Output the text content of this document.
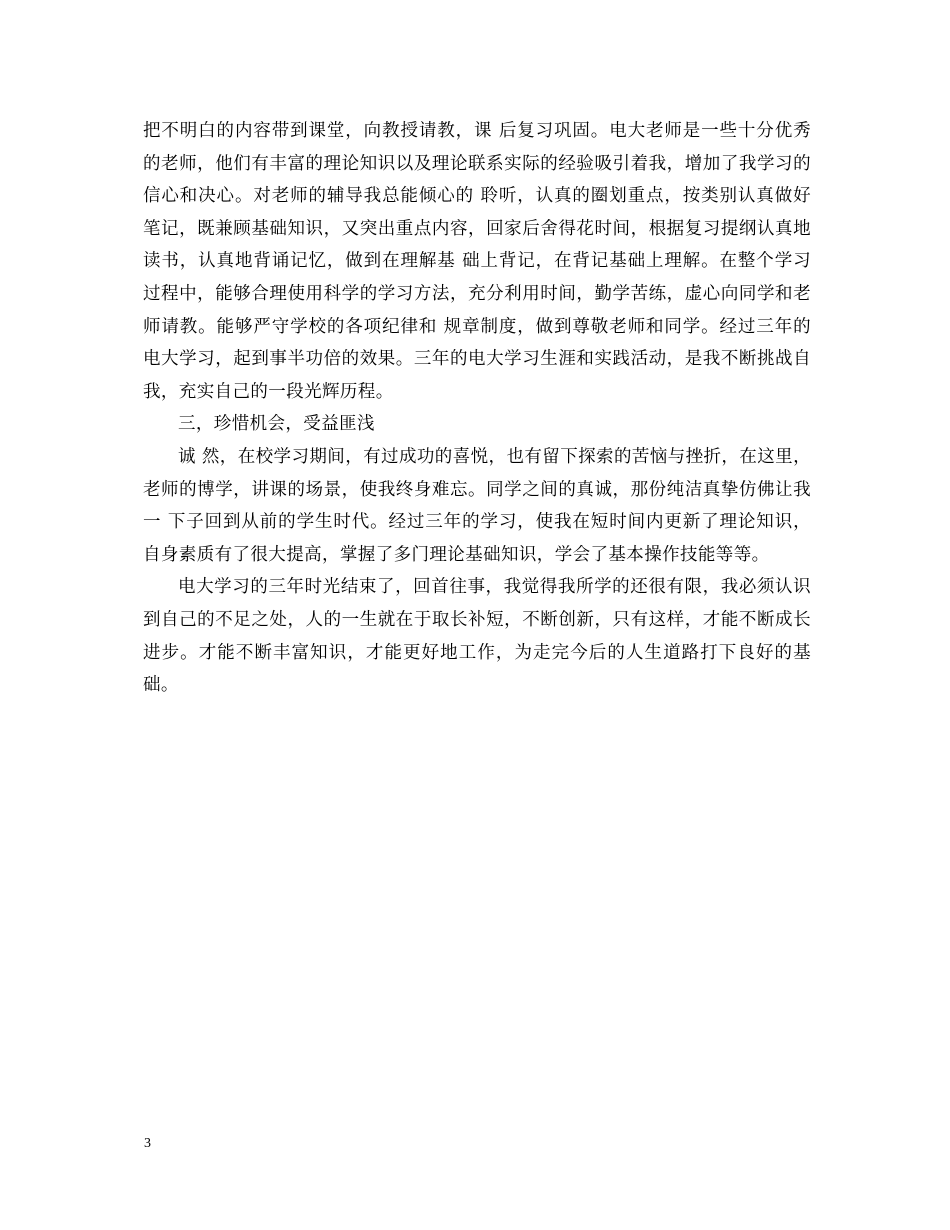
把不明白的内容带到课堂，向教授请教，课 后复习巩固。电大老师是一些十分优秀的老师，他们有丰富的理论知识以及理论联系实际的经验吸引着我，增加了我学习的信心和决心。对老师的辅导我总能倾心的 聆听，认真的圈划重点，按类别认真做好笔记，既兼顾基础知识，又突出重点内容，回家后舍得花时间，根据复习提纲认真地读书，认真地背诵记忆，做到在理解基 础上背记，在背记基础上理解。在整个学习过程中，能够合理使用科学的学习方法，充分利用时间，勤学苦练，虚心向同学和老师请教。能够严守学校的各项纪律和 规章制度，做到尊敬老师和同学。经过三年的电大学习，起到事半功倍的效果。三年的电大学习生涯和实践活动，是我不断挑战自我，充实自己的一段光辉历程。

三，珍惜机会，受益匪浅

诚 然，在校学习期间，有过成功的喜悦，也有留下探索的苦恼与挫折，在这里，老师的博学，讲课的场景，使我终身难忘。同学之间的真诚，那份纯洁真挚仿佛让我一 下子回到从前的学生时代。经过三年的学习，使我在短时间内更新了理论知识，自身素质有了很大提高，掌握了多门理论基础知识，学会了基本操作技能等等。

电大学习的三年时光结束了，回首往事，我觉得我所学的还很有限，我必须认识到自己的不足之处，人的一生就在于取长补短，不断创新，只有这样，才能不断成长进步。才能不断丰富知识，才能更好地工作，为走完今后的人生道路打下良好的基础。

3
